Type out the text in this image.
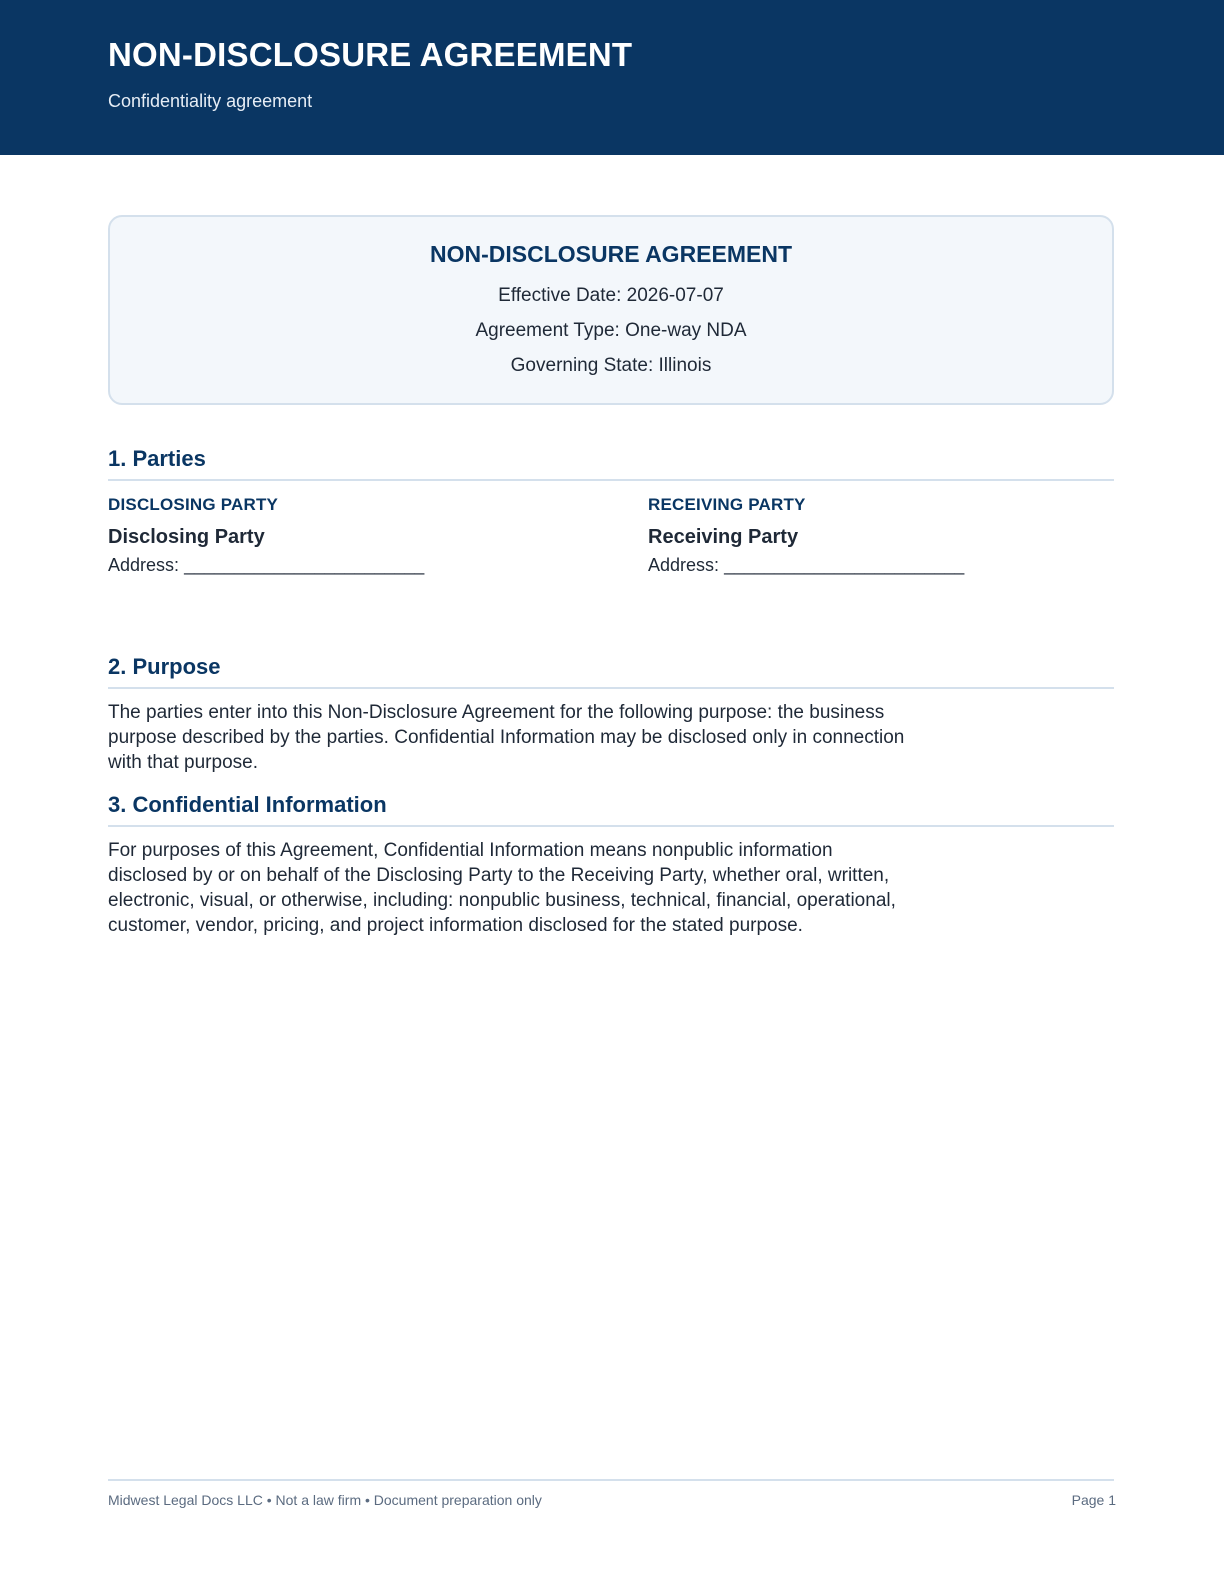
NON-DISCLOSURE AGREEMENT
Confidentiality agreement
NON-DISCLOSURE AGREEMENT
Effective Date : 2026-07-07
Agreement Type : One-way NDA
Governing State : Illinois
1. Parties
DISCLOSING PARTY
Disclosing Party
Address : ________________________
RECEIVING PARTY
Receiving Party
Address : ________________________
2. Purpose
The parties enter into this Non-Disclosure Agreement for the following purpose: the business purpose described by the parties. Confidential Information may be disclosed only in connection with that purpose.
3. Confidential Information
For purposes of this Agreement, Confidential Information means nonpublic information disclosed by or on behalf of the Disclosing Party to the Receiving Party, whether oral, written, electronic, visual, or otherwise, including: nonpublic business, technical, financial, operational, customer, vendor, pricing, and project information disclosed for the stated purpose.
Midwest Legal Docs LLC • Not a law firm • Document preparation only	Page 1
